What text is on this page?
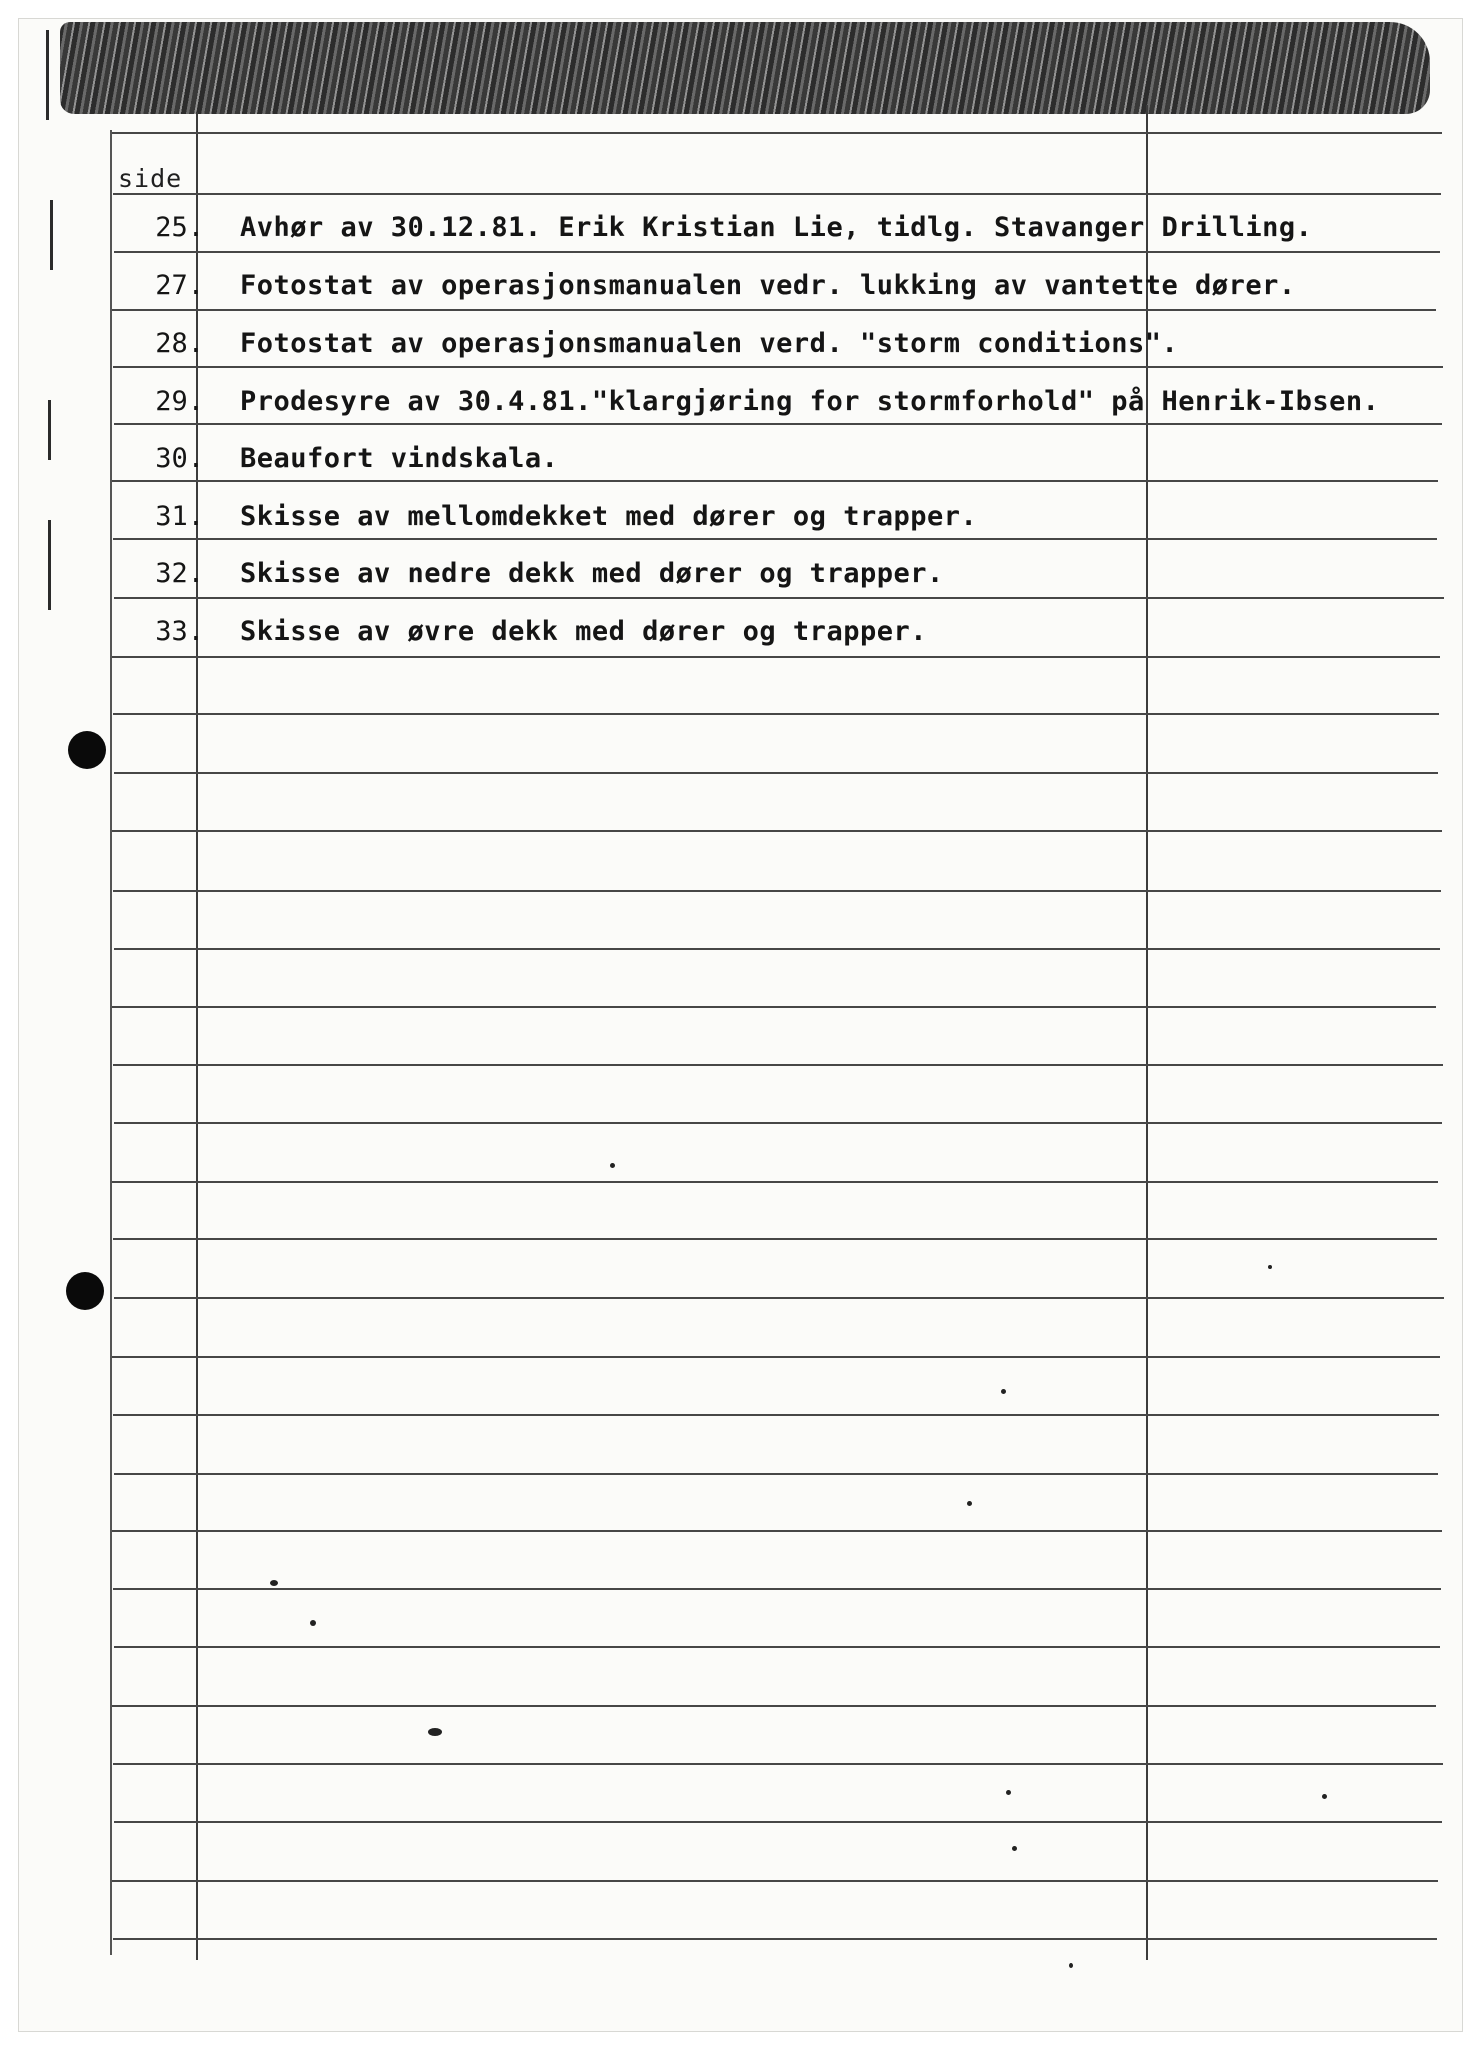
side
25. Avhør av 30.12.81. Erik Kristian Lie, tidlg. Stavanger Drilling.
27. Fotostat av operasjonsmanualen vedr. lukking av vantette dører.
28. Fotostat av operasjonsmanualen verd. "storm conditions".
29. Prodesyre av 30.4.81."klargjøring for stormforhold" på Henrik-Ibsen.
30. Beaufort vindskala.
31. Skisse av mellomdekket med dører og trapper.
32. Skisse av nedre dekk med dører og trapper.
33. Skisse av øvre dekk med dører og trapper.
